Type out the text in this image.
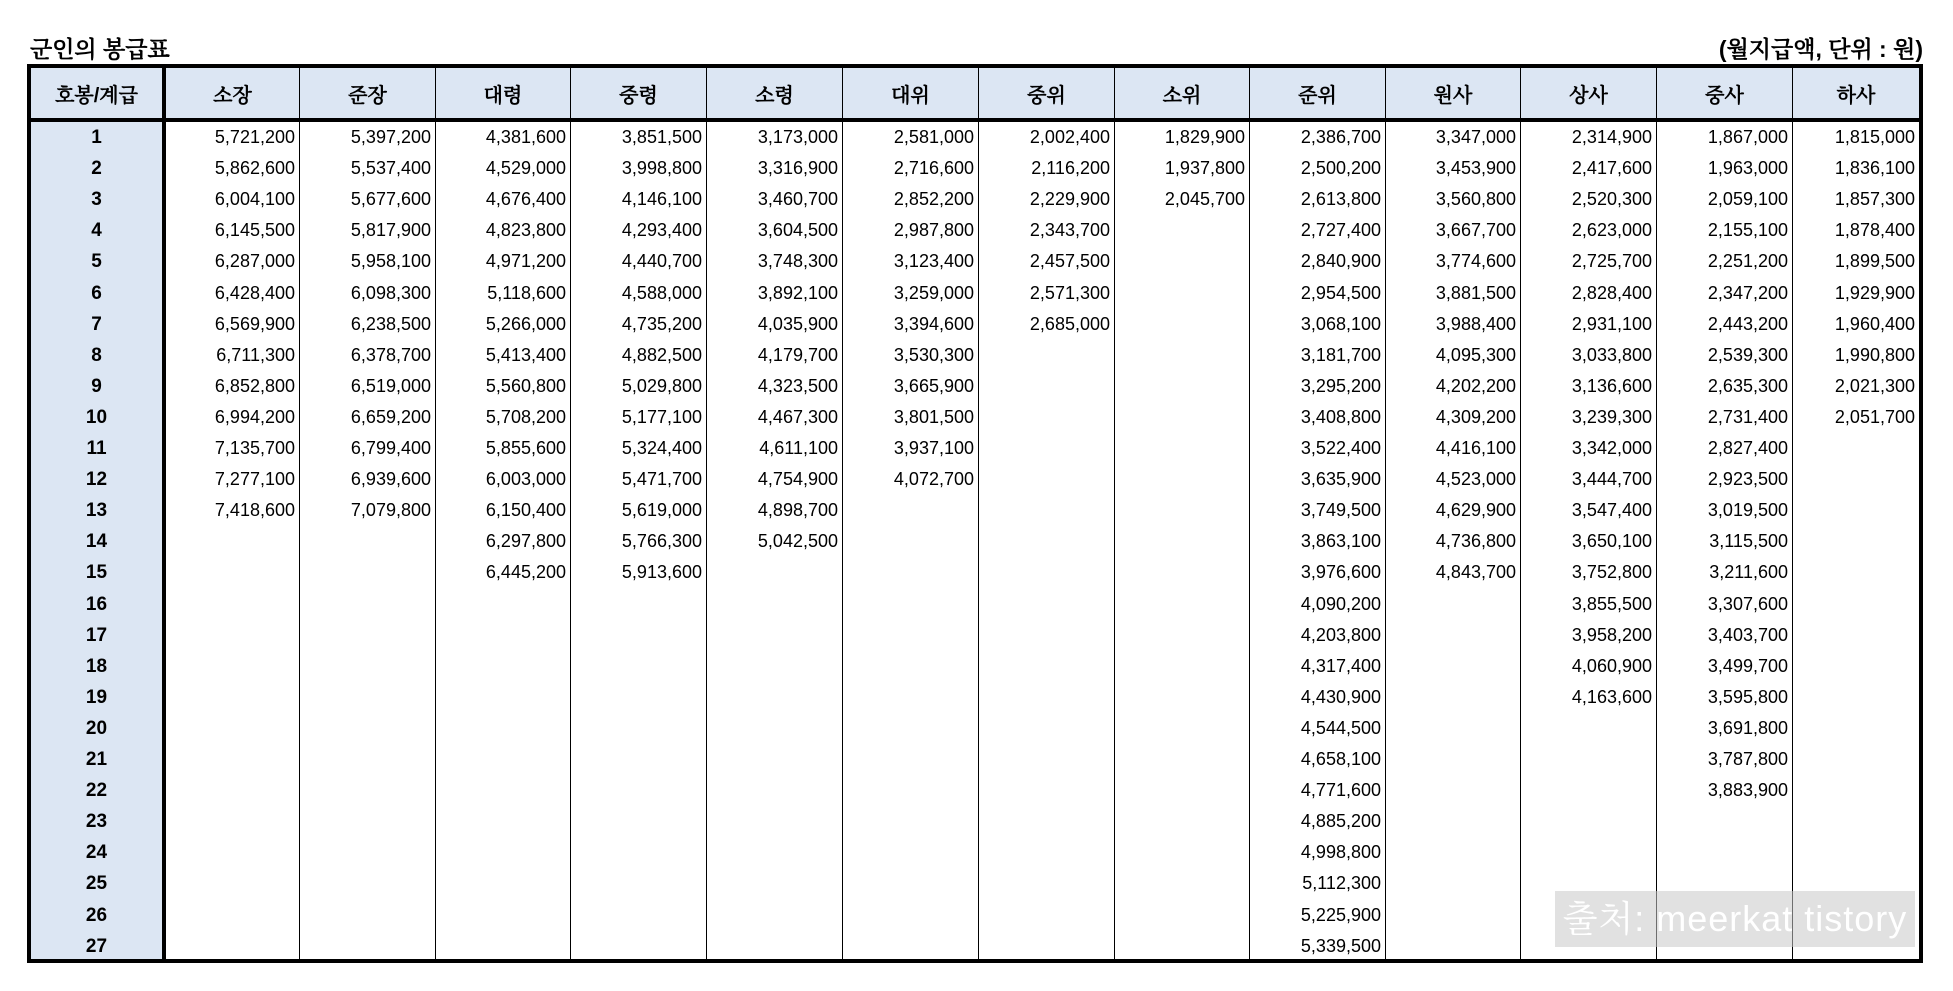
군인의 봉급표	(월지급액, 단위 : 원)
호봉/계급
1
2
3
4
5
6
7
8
9
10
11
12
13
14
15
16
17
18
19
20
21
22
23
24
25
26
27
소장
5,721,200
5,862,600
6,004,100
6,145,500
6,287,000
6,428,400
6,569,900
6,711,300
6,852,800
6,994,200
7,135,700
7,277,100
7,418,600
준장
5,397,200
5,537,400
5,677,600
5,817,900
5,958,100
6,098,300
6,238,500
6,378,700
6,519,000
6,659,200
6,799,400
6,939,600
7,079,800
대령
4,381,600
4,529,000
4,676,400
4,823,800
4,971,200
5,118,600
5,266,000
5,413,400
5,560,800
5,708,200
5,855,600
6,003,000
6,150,400
6,297,800
6,445,200
중령
3,851,500
3,998,800
4,146,100
4,293,400
4,440,700
4,588,000
4,735,200
4,882,500
5,029,800
5,177,100
5,324,400
5,471,700
5,619,000
5,766,300
5,913,600
소령
3,173,000
3,316,900
3,460,700
3,604,500
3,748,300
3,892,100
4,035,900
4,179,700
4,323,500
4,467,300
4,611,100
4,754,900
4,898,700
5,042,500
대위
2,581,000
2,716,600
2,852,200
2,987,800
3,123,400
3,259,000
3,394,600
3,530,300
3,665,900
3,801,500
3,937,100
4,072,700
중위
2,002,400
2,116,200
2,229,900
2,343,700
2,457,500
2,571,300
2,685,000
소위
1,829,900
1,937,800
2,045,700
준위
2,386,700
2,500,200
2,613,800
2,727,400
2,840,900
2,954,500
3,068,100
3,181,700
3,295,200
3,408,800
3,522,400
3,635,900
3,749,500
3,863,100
3,976,600
4,090,200
4,203,800
4,317,400
4,430,900
4,544,500
4,658,100
4,771,600
4,885,200
4,998,800
5,112,300
5,225,900
5,339,500
원사
3,347,000
3,453,900
3,560,800
3,667,700
3,774,600
3,881,500
3,988,400
4,095,300
4,202,200
4,309,200
4,416,100
4,523,000
4,629,900
4,736,800
4,843,700
상사
2,314,900
2,417,600
2,520,300
2,623,000
2,725,700
2,828,400
2,931,100
3,033,800
3,136,600
3,239,300
3,342,000
3,444,700
3,547,400
3,650,100
3,752,800
3,855,500
3,958,200
4,060,900
4,163,600
중사
1,867,000
1,963,000
2,059,100
2,155,100
2,251,200
2,347,200
2,443,200
2,539,300
2,635,300
2,731,400
2,827,400
2,923,500
3,019,500
3,115,500
3,211,600
3,307,600
3,403,700
3,499,700
3,595,800
3,691,800
3,787,800
3,883,900
하사
1,815,000
1,836,100
1,857,300
1,878,400
1,899,500
1,929,900
1,960,400
1,990,800
2,021,300
2,051,700
출처: meerkat tistory
